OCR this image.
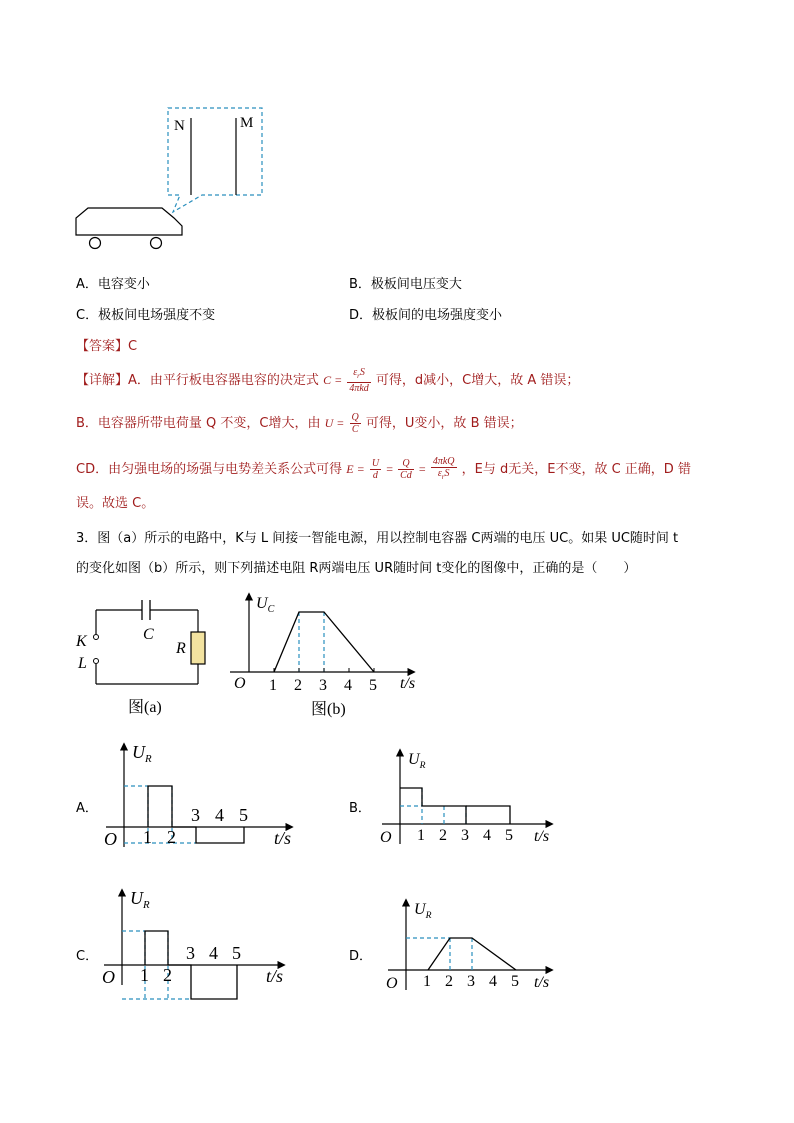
N	M
A．电容变小	B．极板间电压变大
C．极板间电场强度不变	D．极板间的电场强度变小
【答案】C
【详解】A．由平行板电容器电容的决定式 $C = \frac{\varepsilon_rS}{\text{4πkd}}$ 可得，d减小，C增大，故 A 错误；
B．电容器所带电荷量 Q 不变，C增大，由 $U = \frac{Q}{C}$ 可得，U变小，故 B 错误；
CD．由匀强电场的场强与电势差关系公式可得 $E = \frac{U}{d} = \frac{Q}{Cd} = \frac{\text{4πkQ}}{\varepsilon_rS}$ ，E与 d无关，E不变，故 C 正确，D 错
误。故选 C。
3．图（a）所示的电路中，K与 L 间接一智能电源，用以控制电容器 C两端的电压 UC。如果 UC随时间 t
的变化如图（b）所示，则下列描述电阻 R两端电压 UR随时间 t变化的图像中，正确的是（　　）
K
L
C
R
图(a)
$U_C$
O 1 2 3 4 5 t/s
图(b)
A．
$U_R$
O 1 2
3 4 5
t/s
B．
$U_R$
O 1 2 3 4 5 t/s
C．
$U_R$
O 1 2
3 4 5
t/s
D．
$U_R$
O 1 2 3 4 5 t/s
